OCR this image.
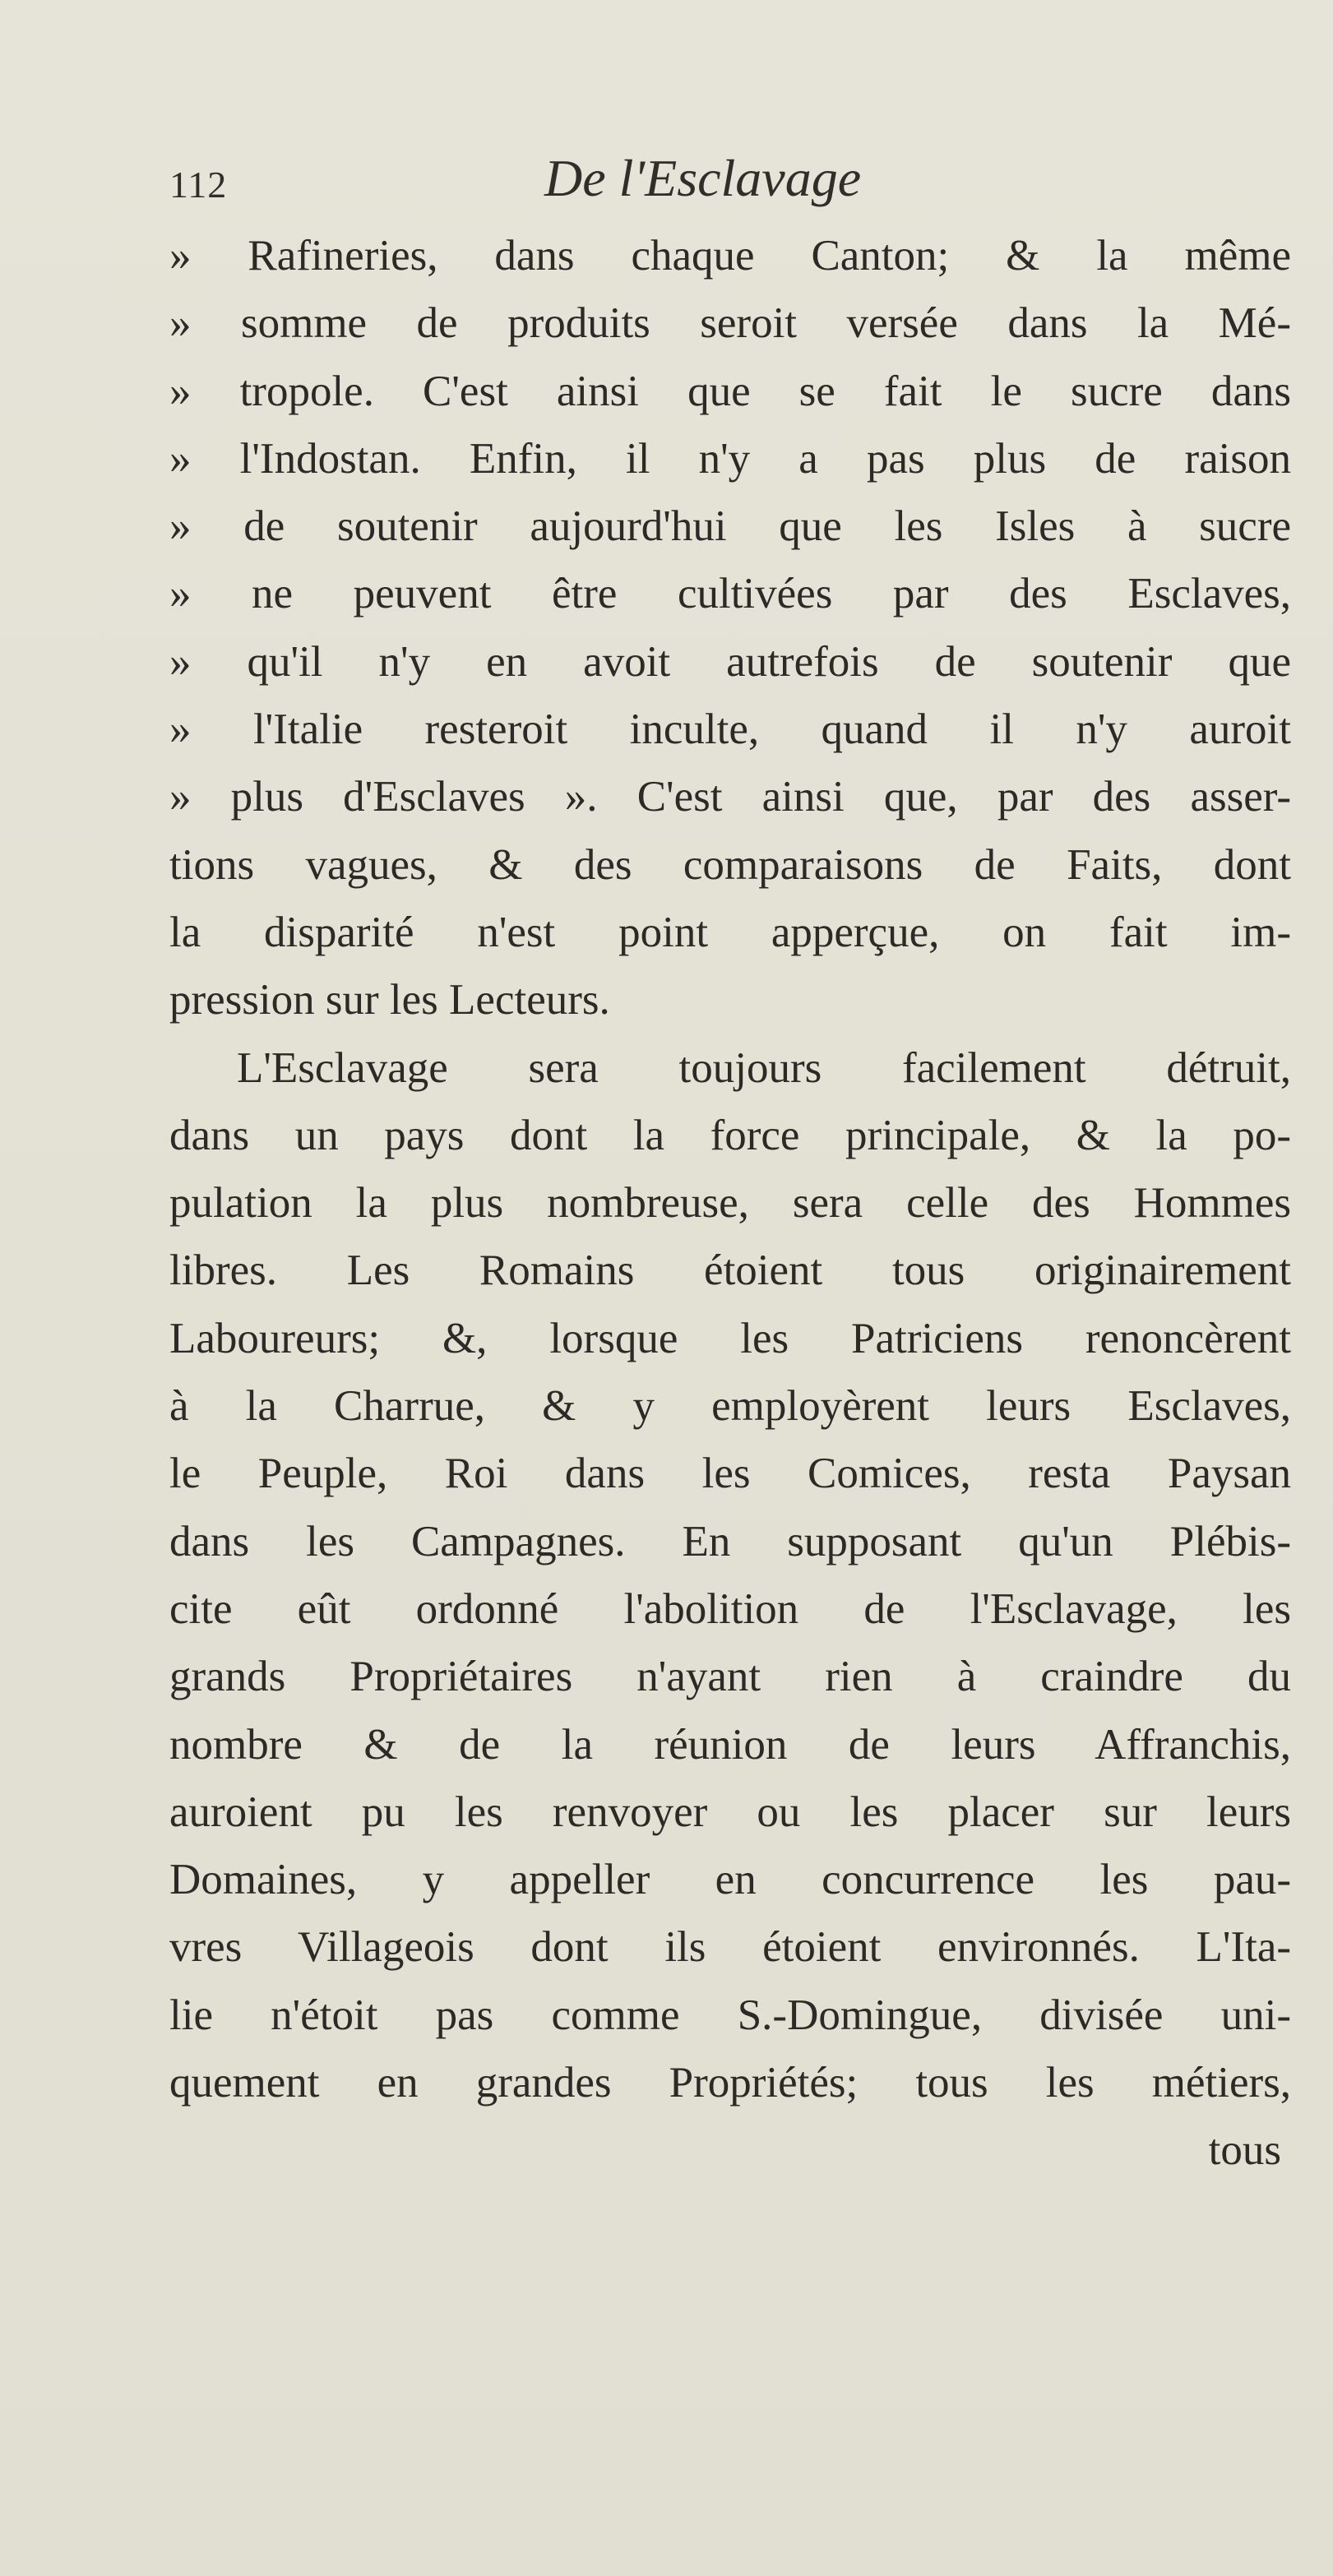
112	De l'Esclavage
» Rafineries, dans chaque Canton; & la même
» somme de produits seroit versée dans la Mé-
» tropole. C'est ainsi que se fait le sucre dans
» l'Indostan. Enfin, il n'y a pas plus de raison
» de soutenir aujourd'hui que les Isles à sucre
» ne peuvent être cultivées par des Esclaves,
» qu'il n'y en avoit autrefois de soutenir que
» l'Italie resteroit inculte, quand il n'y auroit
» plus d'Esclaves ». C'est ainsi que, par des asser-
tions vagues, & des comparaisons de Faits, dont
la disparité n'est point apperçue, on fait im-
pression sur les Lecteurs.
L'Esclavage sera toujours facilement détruit,
dans un pays dont la force principale, & la po-
pulation la plus nombreuse, sera celle des Hommes
libres. Les Romains étoient tous originairement
Laboureurs; &, lorsque les Patriciens renoncèrent
à la Charrue, & y employèrent leurs Esclaves,
le Peuple, Roi dans les Comices, resta Paysan
dans les Campagnes. En supposant qu'un Plébis-
cite eût ordonné l'abolition de l'Esclavage, les
grands Propriétaires n'ayant rien à craindre du
nombre & de la réunion de leurs Affranchis,
auroient pu les renvoyer ou les placer sur leurs
Domaines, y appeller en concurrence les pau-
vres Villageois dont ils étoient environnés. L'Ita-
lie n'étoit pas comme S.-Domingue, divisée uni-
quement en grandes Propriétés; tous les métiers,
tous
